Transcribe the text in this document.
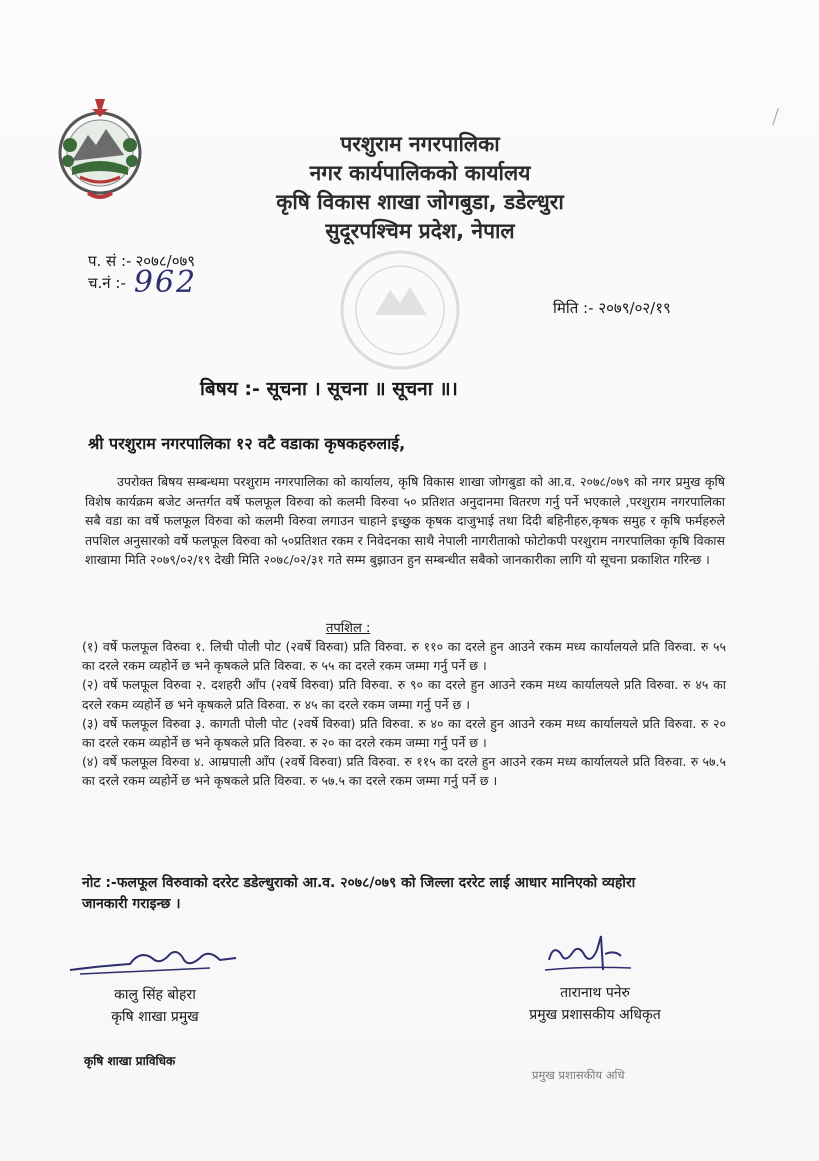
परशुराम नगरपालिका
नगर कार्यपालिकको कार्यालय
कृषि विकास शाखा जोगबुडा, डडेल्धुरा
सुदूरपश्चिम प्रदेश, नेपाल
प. सं :- २०७८/०७९
च.नं :- 962
मिति :- २०७९/०२/१९
बिषय :- सूचना । सूचना ॥ सूचना ॥।
श्री परशुराम नगरपालिका १२ वटै वडाका कृषकहरुलाई,

उपरोक्त बिषय सम्बन्धमा परशुराम नगरपालिका को कार्यालय, कृषि विकास शाखा जोगबुडा को आ.व. २०७८/०७९ को नगर प्रमुख कृषि विशेष कार्यक्रम बजेट अन्तर्गत वर्षे फलफूल विरुवा को कलमी विरुवा ५० प्रतिशत अनुदानमा वितरण गर्नु पर्ने भएकाले ,परशुराम नगरपालिका सबै वडा का वर्षे फलफूल विरुवा को कलमी विरुवा लगाउन चाहाने इच्छुक कृषक दाजुभाई तथा दिदी बहिनीहरु,कृषक समुह र कृषि फर्महरुले तपशिल अनुसारको वर्षे फलफूल विरुवा को ५०प्रतिशत रकम र निवेदनका साथै नेपाली नागरीताको फोटोकपी परशुराम नगरपालिका कृषि विकास शाखामा मिति २०७९/०२/१९ देखी मिति २०७८/०२/३१ गते सम्म बुझाउन हुन सम्बन्धीत सबैको जानकारीका लागि यो सूचना प्रकाशित गरिन्छ ।

तपशिल :
(१) वर्षे फलफूल विरुवा १. लिची पोली पोट (२वर्षे विरुवा) प्रति विरुवा. रु ११० का दरले हुन आउने रकम मध्य कार्यालयले प्रति विरुवा. रु ५५ का दरले रकम व्यहोर्ने छ भने कृषकले प्रति विरुवा. रु ५५ का दरले रकम जम्मा गर्नु पर्ने छ ।
(२) वर्षे फलफूल विरुवा २. दशहरी आँप (२वर्षे विरुवा) प्रति विरुवा. रु ९० का दरले हुन आउने रकम मध्य कार्यालयले प्रति विरुवा. रु ४५ का दरले रकम व्यहोर्ने छ भने कृषकले प्रति विरुवा. रु ४५ का दरले रकम जम्मा गर्नु पर्ने छ ।
(३) वर्षे फलफूल विरुवा ३. कागती पोली पोट (२वर्षे विरुवा) प्रति विरुवा. रु ४० का दरले हुन आउने रकम मध्य कार्यालयले प्रति विरुवा. रु २० का दरले रकम व्यहोर्ने छ भने कृषकले प्रति विरुवा. रु २० का दरले रकम जम्मा गर्नु पर्ने छ ।
(४) वर्षे फलफूल विरुवा ४. आम्रपाली आँप (२वर्षे विरुवा) प्रति विरुवा. रु ११५ का दरले हुन आउने रकम मध्य कार्यालयले प्रति विरुवा. रु ५७.५ का दरले रकम व्यहोर्ने छ भने कृषकले प्रति विरुवा. रु ५७.५ का दरले रकम जम्मा गर्नु पर्ने छ ।
नोट :-फलफूल विरुवाको दररेट डडेल्धुराको आ.व. २०७८/०७९ को जिल्ला दररेट लाई आधार मानिएको व्यहोरा जानकारी गराइन्छ ।
कालु सिंह बोहरा
कृषि शाखा प्रमुख
कृषि शाखा प्राविधिक
तारानाथ पनेरु
प्रमुख प्रशासकीय अधिकृत
प्रमुख प्रशासकीय अधि
